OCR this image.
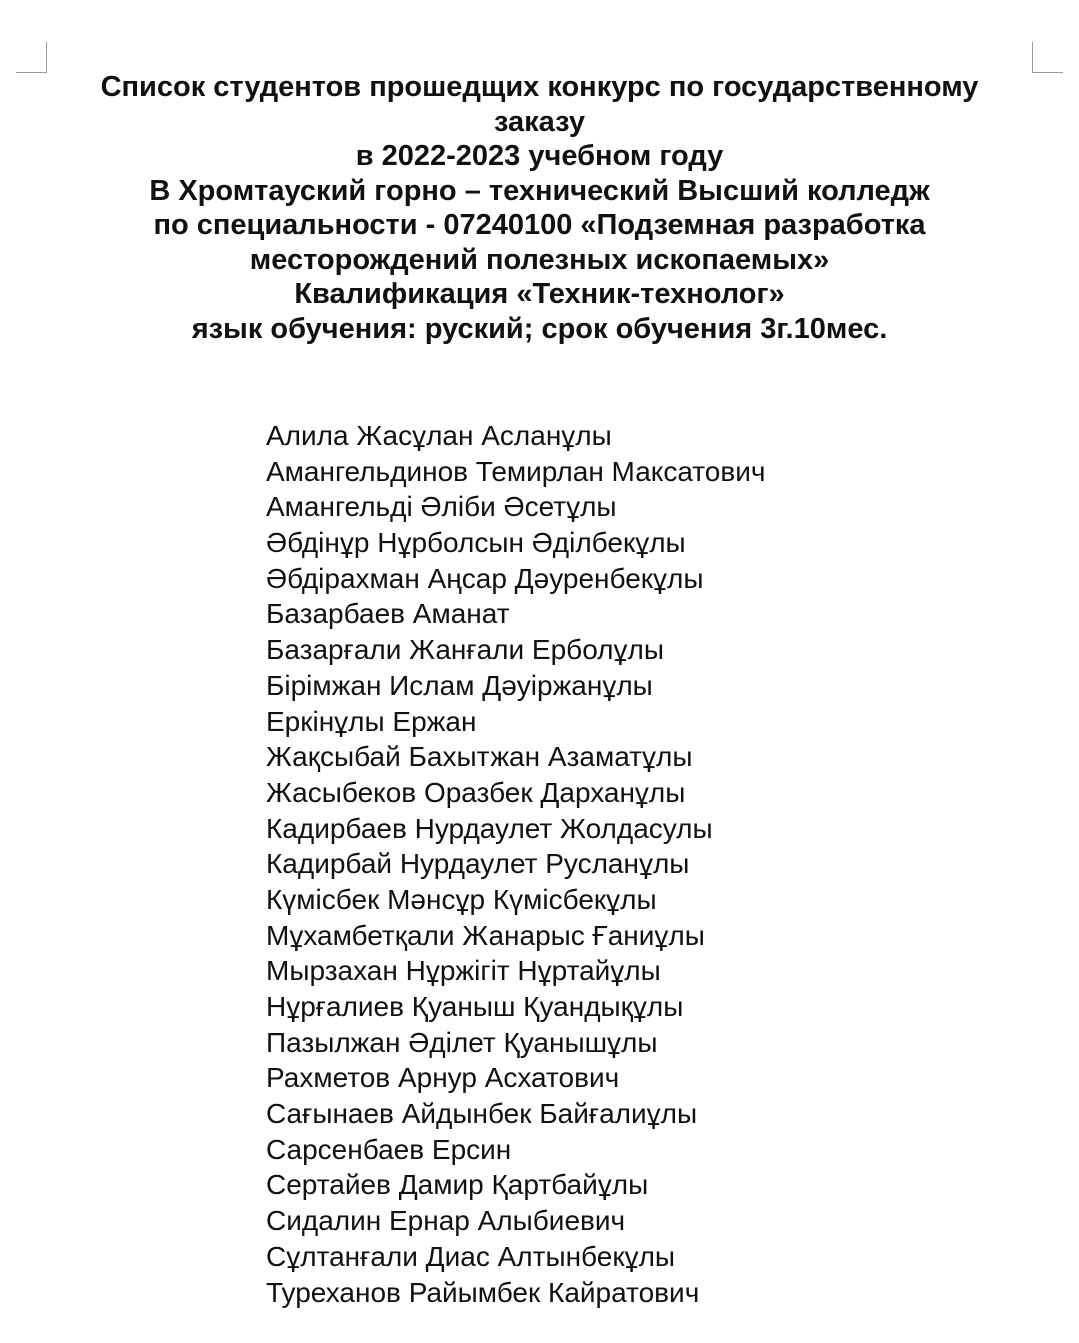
Список студентов прошедщих конкурс по государственному
заказу
в 2022-2023 учебном году
В Хромтауский горно – технический Высший колледж
по специальности - 07240100 «Подземная разработка
месторождений полезных ископаемых»
Квалификация «Техник-технолог»
язык обучения: руский; срок обучения 3г.10мес.
Алила Жасұлан Асланұлы
Амангельдинов Темирлан Максатович
Амангельді Әліби Әсетұлы
Әбдінұр Нұрболсын Әділбекұлы
Әбдірахман Аңсар Дәуренбекұлы
Базарбаев Аманат
Базарғали Жанғали Ерболұлы
Бірімжан Ислам Дәуіржанұлы
Еркінұлы Ержан
Жақсыбай Бахытжан Азаматұлы
Жасыбеков Оразбек Дарханұлы
Кадирбаев Нурдаулет Жолдасулы
Кадирбай Нурдаулет Русланұлы
Күмісбек Мәнсұр Күмісбекұлы
Мұхамбетқали Жанарыс Ғаниұлы
Мырзахан Нұржігіт Нұртайұлы
Нұрғалиев Қуаныш Қуандықұлы
Пазылжан Әділет Қуанышұлы
Рахметов Арнур Асхатович
Сағынаев Айдынбек Байғалиұлы
Сарсенбаев Ерсин
Сертайев Дамир Қартбайұлы
Сидалин Ернар Алыбиевич
Сұлтанғали Диас Алтынбекұлы
Туреханов Райымбек Кайратович
